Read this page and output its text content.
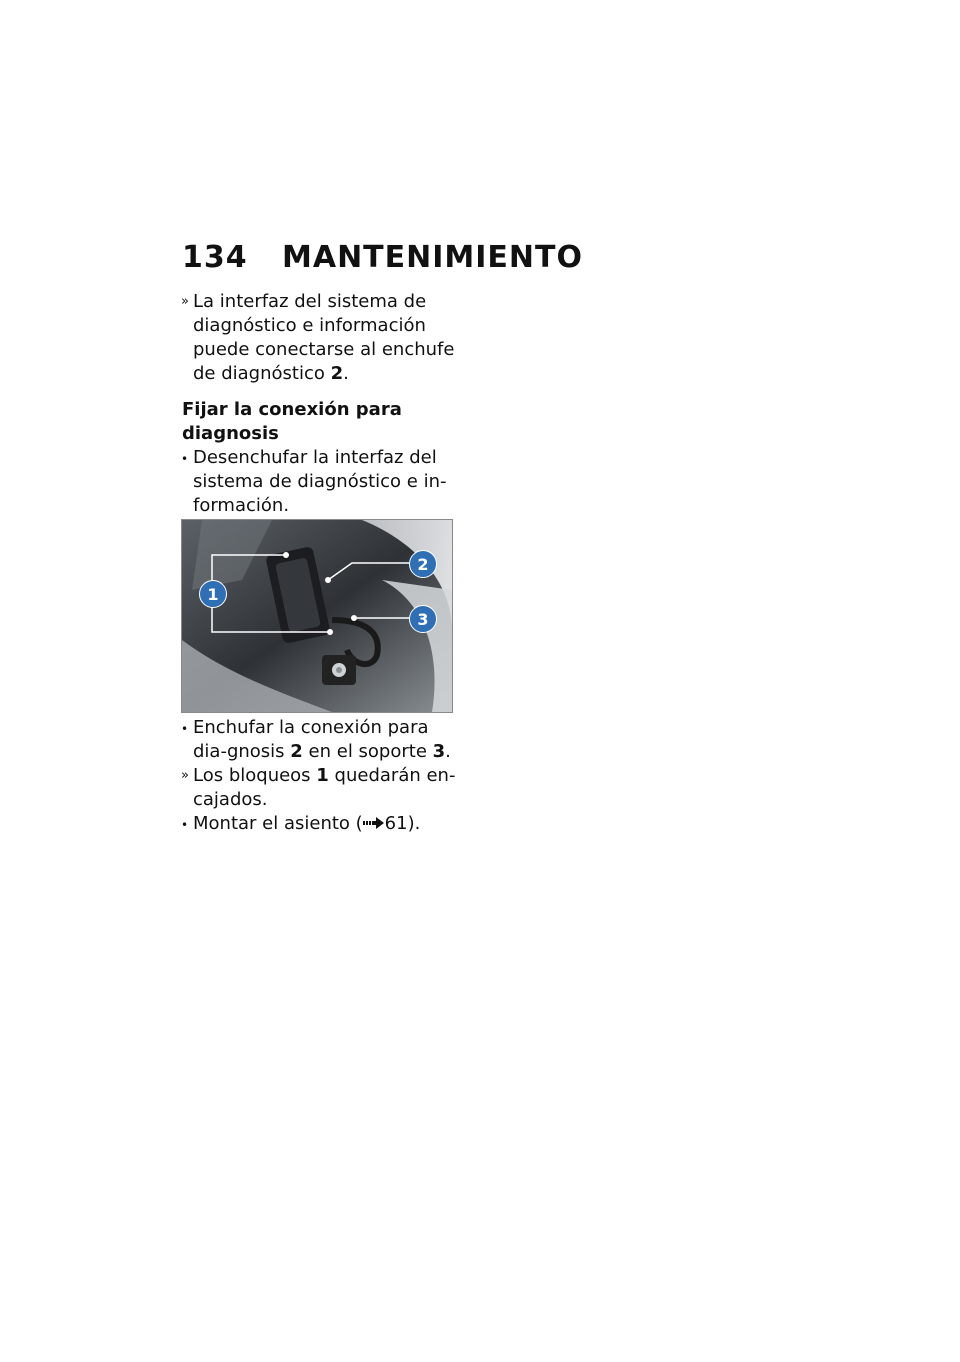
134	MANTENIMIENTO
» La interfaz del sistema de diagnóstico e información puede conectarse al enchufe de diagnóstico 2.
Fijar la conexión para diagnosis
• Desenchufar la interfaz del sistema de diagnóstico e in-formación.
1
2
3
• Enchufar la conexión para dia-gnosis 2 en el soporte 3.
» Los bloqueos 1 quedarán en-cajados.
• Montar el asiento ( 61).
